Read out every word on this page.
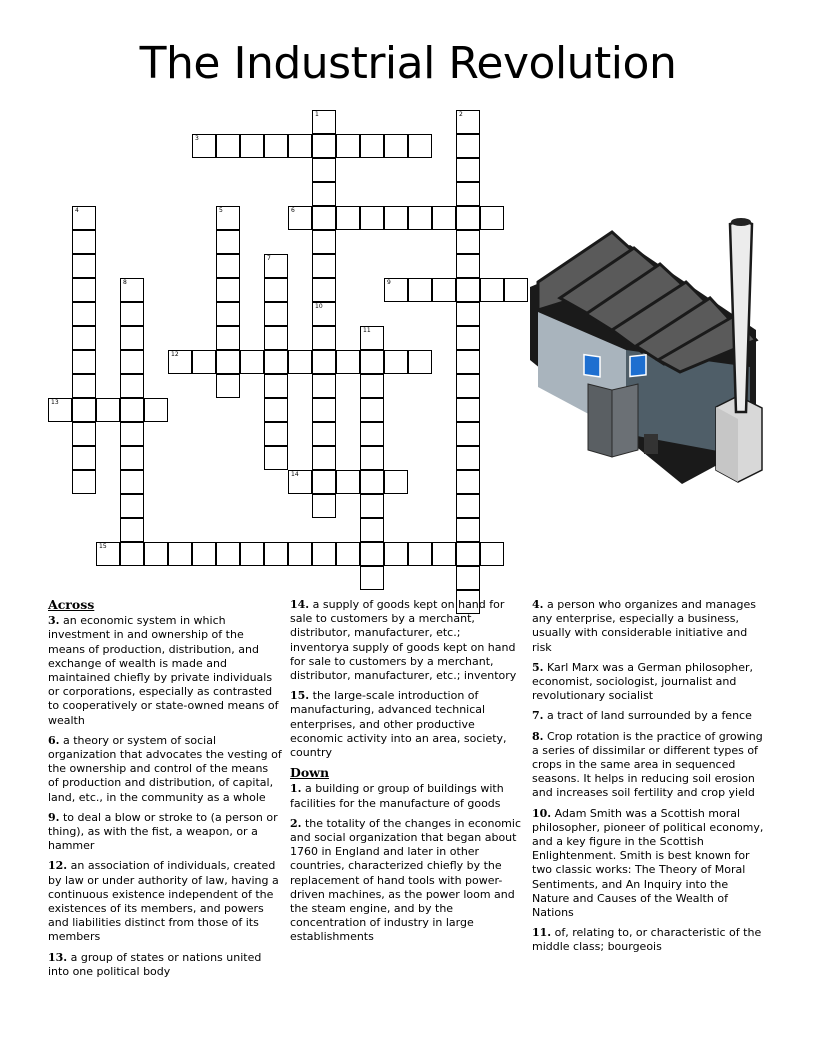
The Industrial Revolution
1	2
3
4	5	6
7
8	9
10
11
12
13
14
15
Across
3. an economic system in which investment in and ownership of the means of production, distribution, and exchange of wealth is made and maintained chiefly by private individuals or corporations, especially as contrasted to cooperatively or state-owned means of wealth
6. a theory or system of social organization that advocates the vesting of the ownership and control of the means of production and distribution, of capital, land, etc., in the community as a whole
9. to deal a blow or stroke to (a person or thing), as with the fist, a weapon, or a hammer
12. an association of individuals, created by law or under authority of law, having a continuous existence independent of the existences of its members, and powers and liabilities distinct from those of its members
13. a group of states or nations united into one political body
14. a supply of goods kept on hand for sale to customers by a merchant, distributor, manufacturer, etc.; inventorya supply of goods kept on hand for sale to customers by a merchant, distributor, manufacturer, etc.; inventory
15. the large-scale introduction of manufacturing, advanced technical enterprises, and other productive economic activity into an area, society, country
Down
1. a building or group of buildings with facilities for the manufacture of goods
2. the totality of the changes in economic and social organization that began about 1760 in England and later in other countries, characterized chiefly by the replacement of hand tools with power-driven machines, as the power loom and the steam engine, and by the concentration of industry in large establishments
4. a person who organizes and manages any enterprise, especially a business, usually with considerable initiative and risk
5. Karl Marx was a German philosopher, economist, sociologist, journalist and revolutionary socialist
7. a tract of land surrounded by a fence
8. Crop rotation is the practice of growing a series of dissimilar or different types of crops in the same area in sequenced seasons. It helps in reducing soil erosion and increases soil fertility and crop yield
10. Adam Smith was a Scottish moral philosopher, pioneer of political economy, and a key figure in the Scottish Enlightenment. Smith is best known for two classic works: The Theory of Moral Sentiments, and An Inquiry into the Nature and Causes of the Wealth of Nations
11. of, relating to, or characteristic of the middle class; bourgeois
